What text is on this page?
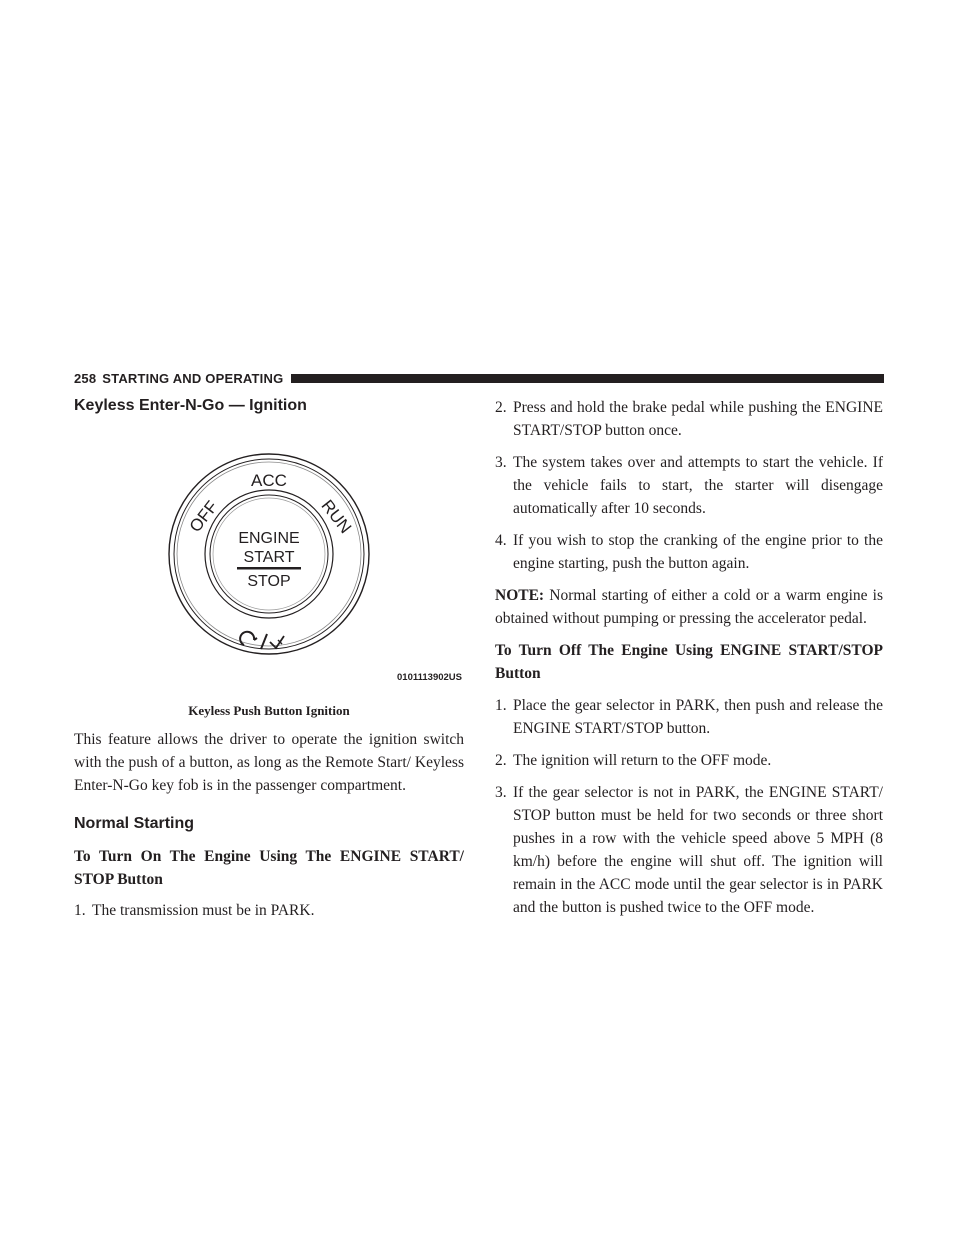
258 STARTING AND OPERATING
Keyless Enter-N-Go — Ignition
ACC
OFF	RUN
ENGINE
START
STOP
0101113902US
Keyless Push Button Ignition

This feature allows the driver to operate the ignition switch with the push of a button, as long as the Remote Start/ Keyless Enter-N-Go key fob is in the passenger compartment.

Normal Starting

To Turn On The Engine Using The ENGINE START/ STOP Button

1. The transmission must be in PARK.
2. Press and hold the brake pedal while pushing the ENGINE START/STOP button once.
3. The system takes over and attempts to start the vehicle. If the vehicle fails to start, the starter will disengage automatically after 10 seconds.
4. If you wish to stop the cranking of the engine prior to the engine starting, push the button again.

NOTE: Normal starting of either a cold or a warm engine is obtained without pumping or pressing the accelerator pedal.

To Turn Off The Engine Using ENGINE START/STOP Button

1. Place the gear selector in PARK, then push and release the ENGINE START/STOP button.
2. The ignition will return to the OFF mode.
3. If the gear selector is not in PARK, the ENGINE START/ STOP button must be held for two seconds or three short pushes in a row with the vehicle speed above 5 MPH (8 km/h) before the engine will shut off. The ignition will remain in the ACC mode until the gear selector is in PARK and the button is pushed twice to the OFF mode.
